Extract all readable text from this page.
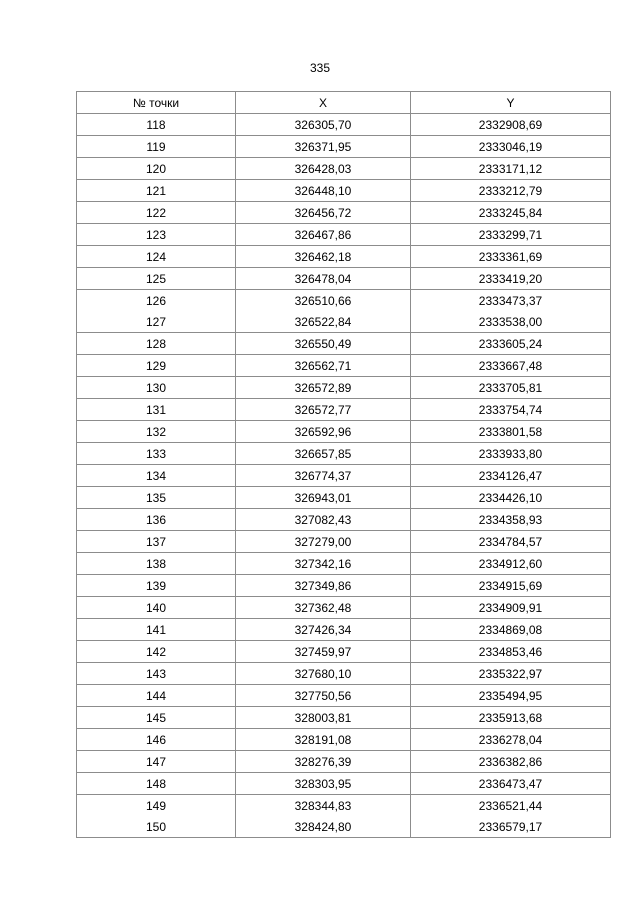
335
№ точки	X	Y
118	326305,70	2332908,69
119	326371,95	2333046,19
120	326428,03	2333171,12
121	326448,10	2333212,79
122	326456,72	2333245,84
123	326467,86	2333299,71
124	326462,18	2333361,69
125	326478,04	2333419,20
126	326510,66	2333473,37
127	326522,84	2333538,00
128	326550,49	2333605,24
129	326562,71	2333667,48
130	326572,89	2333705,81
131	326572,77	2333754,74
132	326592,96	2333801,58
133	326657,85	2333933,80
134	326774,37	2334126,47
135	326943,01	2334426,10
136	327082,43	2334358,93
137	327279,00	2334784,57
138	327342,16	2334912,60
139	327349,86	2334915,69
140	327362,48	2334909,91
141	327426,34	2334869,08
142	327459,97	2334853,46
143	327680,10	2335322,97
144	327750,56	2335494,95
145	328003,81	2335913,68
146	328191,08	2336278,04
147	328276,39	2336382,86
148	328303,95	2336473,47
149	328344,83	2336521,44
150	328424,80	2336579,17
